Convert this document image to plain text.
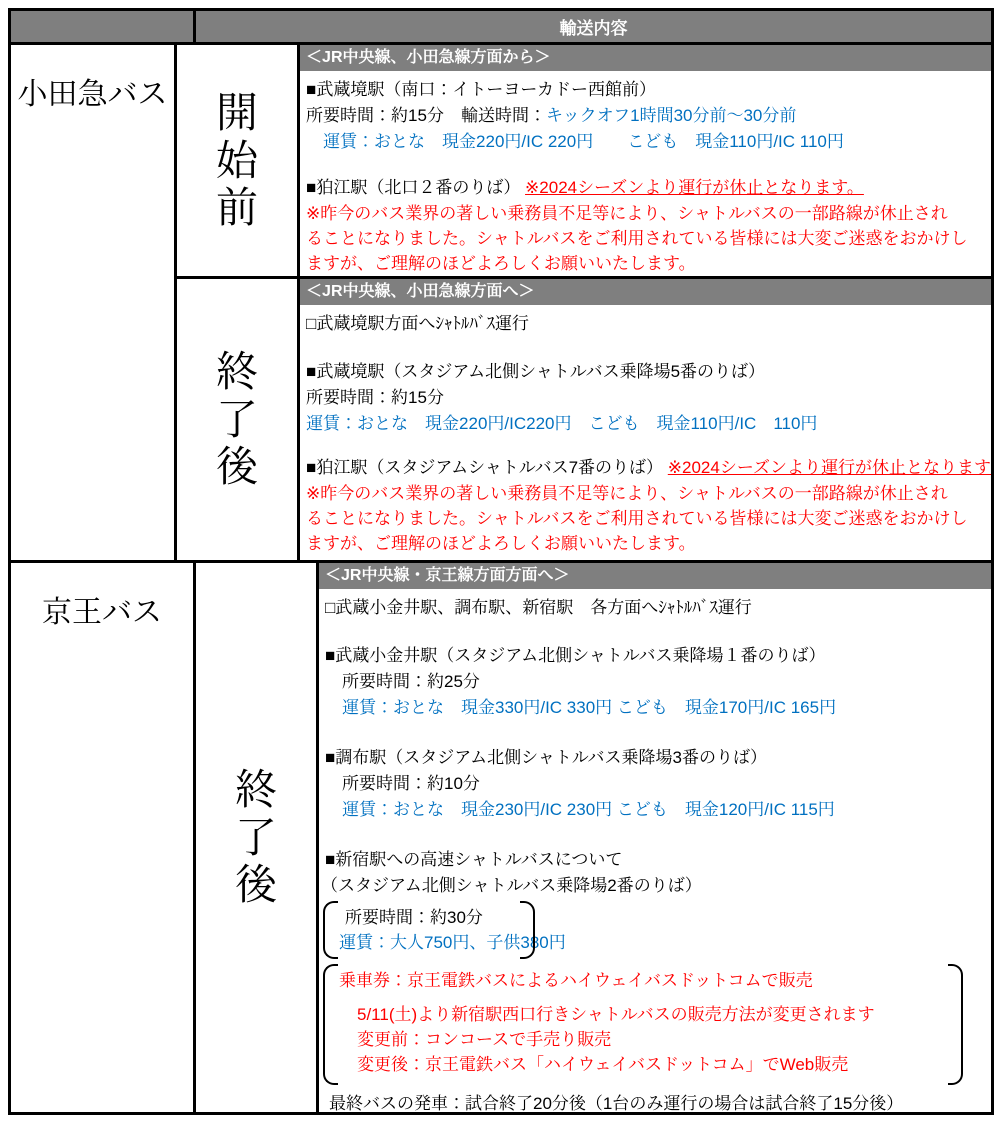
輸送内容
小田急バス 開始前
＜JR中央線、小田急線方面から＞
■武蔵境駅（南口：イトーヨーカドー西館前）
所要時間：約15分　輸送時間：キックオフ1時間30分前～30分前
　運賃：おとな　現金220円/IC 220円　　こども　現金110円/IC 110円
■狛江駅（北口２番のりば） ※2024シーズンより運行が休止となります。
※昨今のバス業界の著しい乗務員不足等により、シャトルバスの一部路線が休止され
ることになりました。シャトルバスをご利用されている皆様には大変ご迷惑をおかけし
ますが、ご理解のほどよろしくお願いいたします。
終了後
＜JR中央線、小田急線方面へ＞
□武蔵境駅方面へｼｬﾄﾙﾊﾞｽ運行
■武蔵境駅（スタジアム北側シャトルバス乗降場5番のりば）
所要時間：約15分
運賃：おとな　現金220円/IC220円　こども　現金110円/IC　110円
■狛江駅（スタジアムシャトルバス7番のりば） ※2024シーズンより運行が休止となります
※昨今のバス業界の著しい乗務員不足等により、シャトルバスの一部路線が休止され
ることになりました。シャトルバスをご利用されている皆様には大変ご迷惑をおかけし
ますが、ご理解のほどよろしくお願いいたします。
京王バス
終了後
＜JR中央線・京王線方面方面へ＞
□武蔵小金井駅、調布駅、新宿駅　各方面へｼｬﾄﾙﾊﾞｽ運行
■武蔵小金井駅（スタジアム北側シャトルバス乗降場１番のりば）
　所要時間：約25分
　運賃：おとな　現金330円/IC 330円 こども　現金170円/IC 165円
■調布駅（スタジアム北側シャトルバス乗降場3番のりば）
　所要時間：約10分
　運賃：おとな　現金230円/IC 230円 こども　現金120円/IC 115円
■新宿駅への高速シャトルバスについて
（スタジアム北側シャトルバス乗降場2番のりば）
所要時間：約30分
運賃：大人750円、子供380円
乗車券：京王電鉄バスによるハイウェイバスドットコムで販売
5/11(土)より新宿駅西口行きシャトルバスの販売方法が変更されます
変更前：コンコースで手売り販売
変更後：京王電鉄バス「ハイウェイバスドットコム」でWeb販売
最終バスの発車：試合終了20分後（1台のみ運行の場合は試合終了15分後）
